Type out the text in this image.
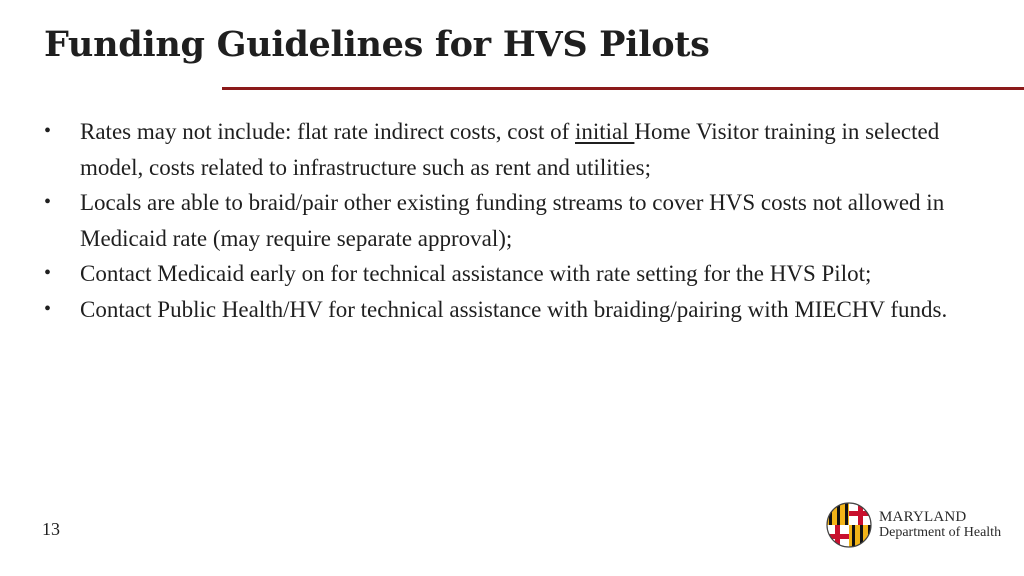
Funding Guidelines for HVS Pilots
• Rates may not include: flat rate indirect costs, cost of initial Home Visitor training in selected model, costs related to infrastructure such as rent and utilities;
• Locals are able to braid/pair other existing funding streams to cover HVS costs not allowed in Medicaid rate (may require separate approval);
• Contact Medicaid early on for technical assistance with rate setting for the HVS Pilot;
• Contact Public Health/HV for technical assistance with braiding/pairing with MIECHV funds.
13
MARYLAND
Department of Health
